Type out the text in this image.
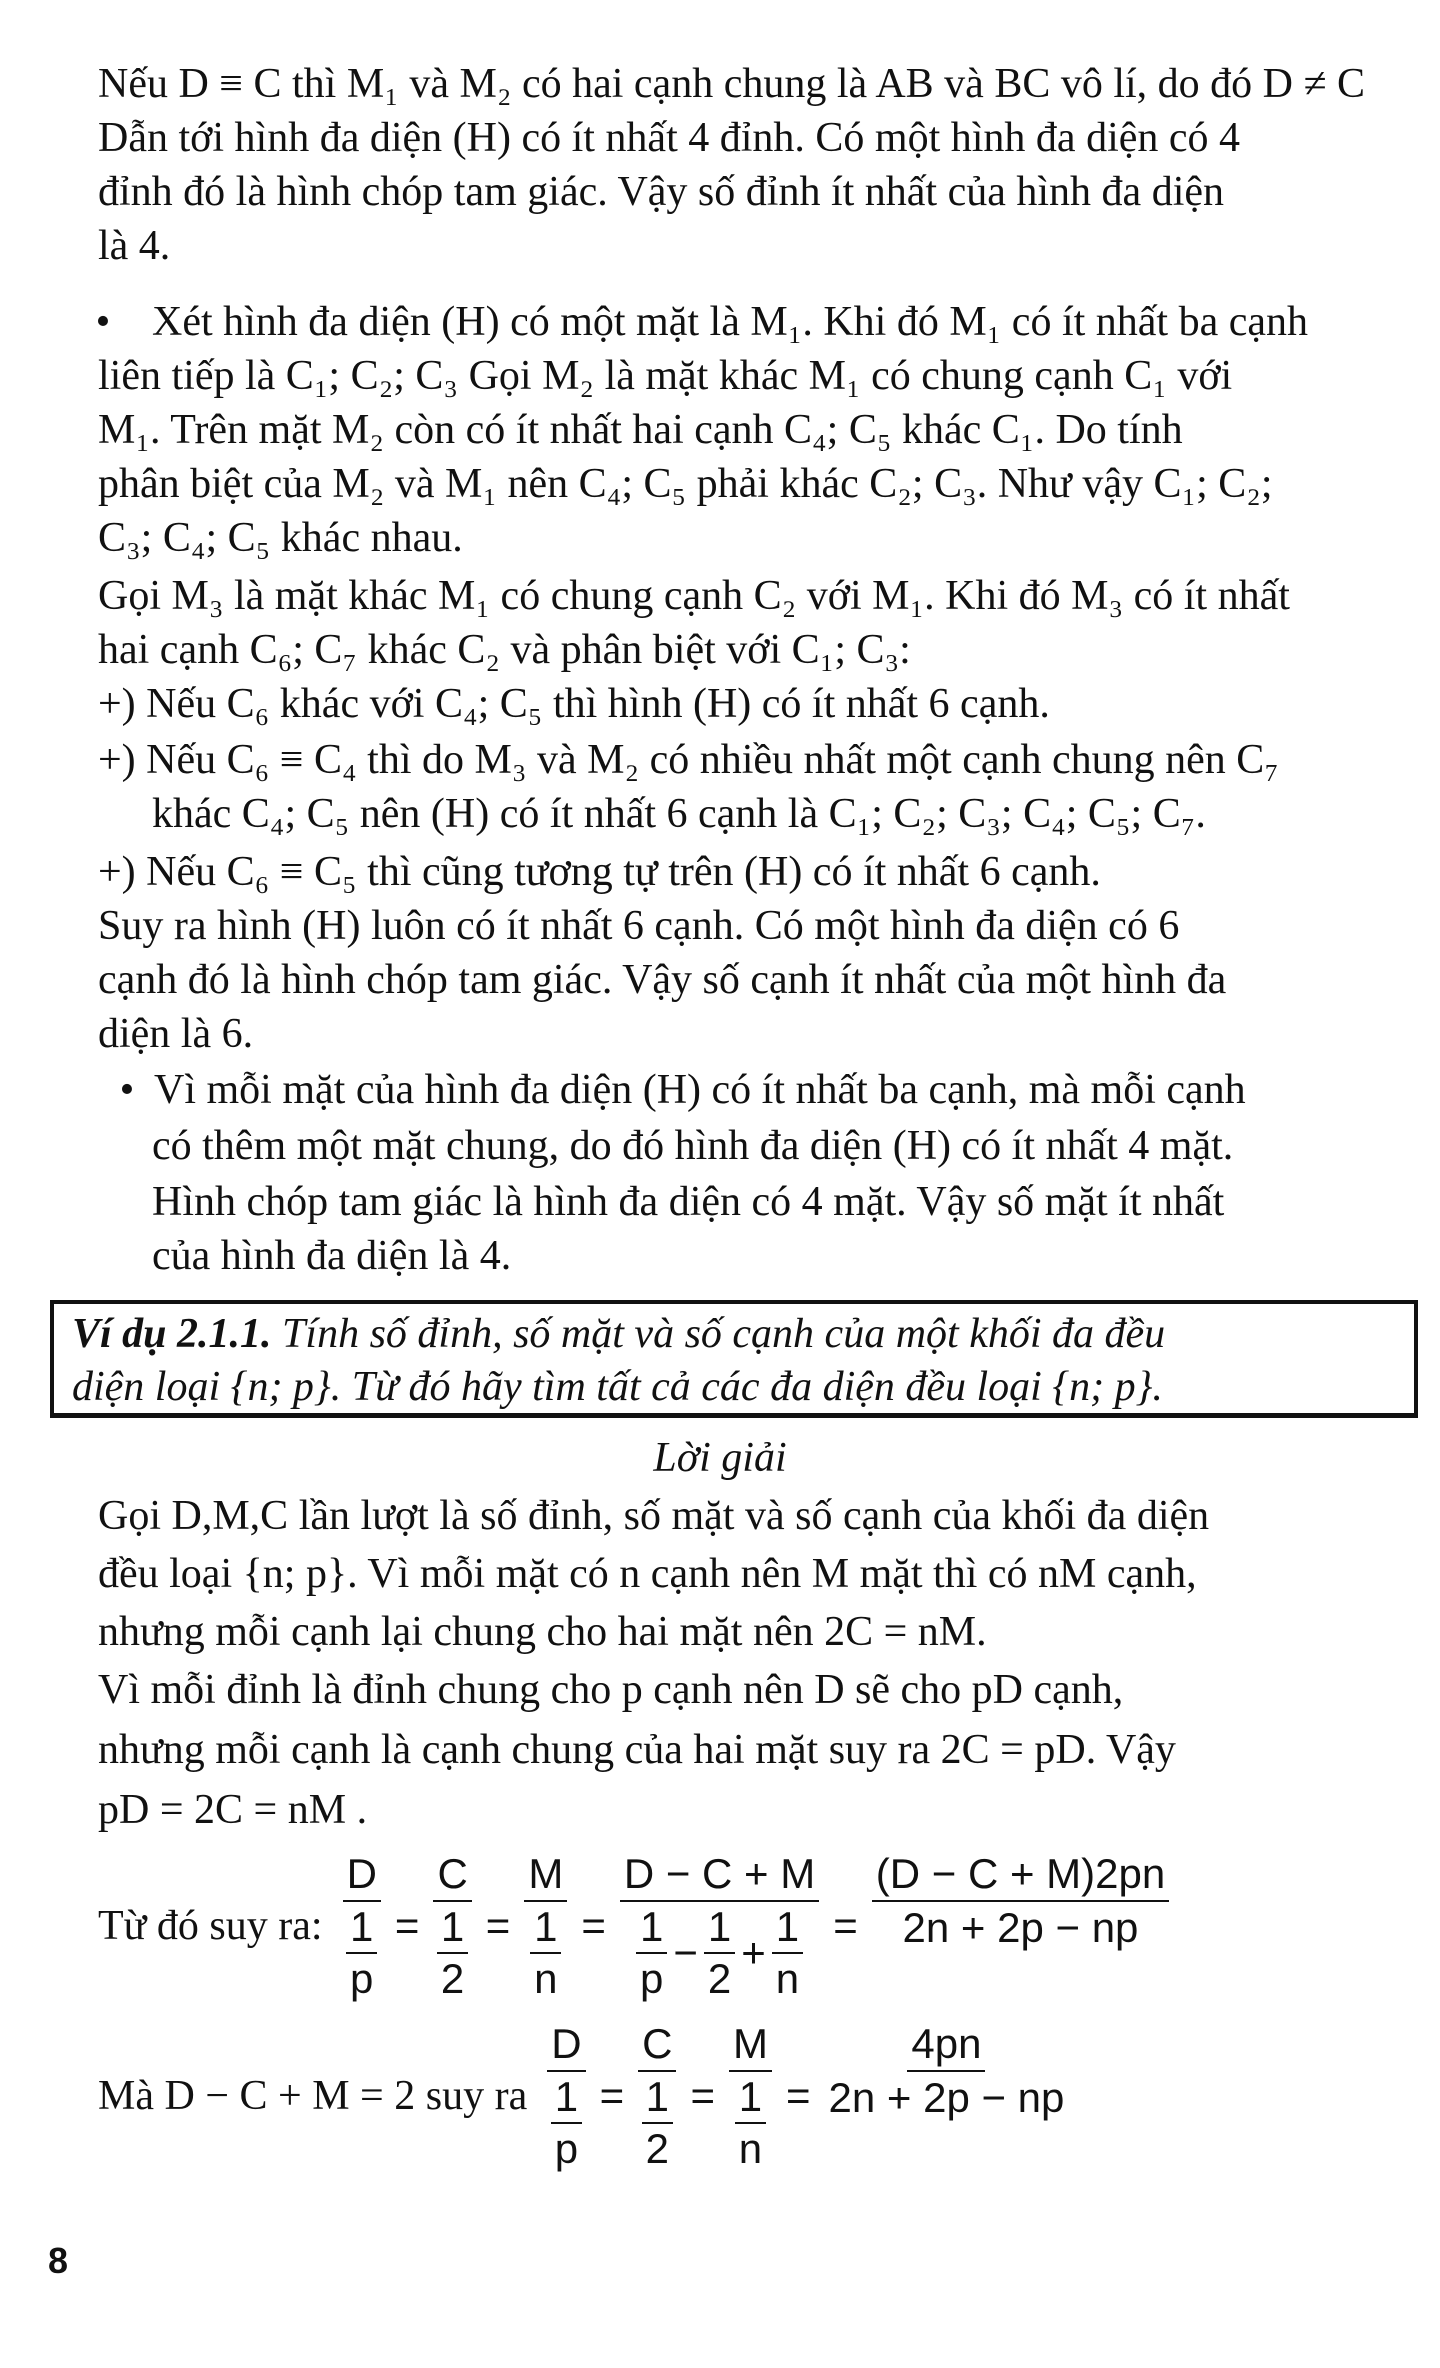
Nếu D ≡ C thì M₁ và M₂ có hai cạnh chung là AB và BC vô lí, do đó D ≠ C

Dẫn tới hình đa diện (H) có ít nhất 4 đỉnh. Có một hình đa diện có 4

đỉnh đó là hình chóp tam giác. Vậy số đỉnh ít nhất của hình đa diện

là 4.

• Xét hình đa diện (H) có một mặt là M₁. Khi đó M₁ có ít nhất ba cạnh

liên tiếp là C₁; C₂; C₃ Gọi M₂ là mặt khác M₁ có chung cạnh C₁ với

M₁. Trên mặt M₂ còn có ít nhất hai cạnh C₄; C₅ khác C₁. Do tính

phân biệt của M₂ và M₁ nên C₄; C₅ phải khác C₂; C₃. Như vậy C₁; C₂;

C₃; C₄; C₅ khác nhau.

Gọi M₃ là mặt khác M₁ có chung cạnh C₂ với M₁. Khi đó M₃ có ít nhất

hai cạnh C₆; C₇ khác C₂ và phân biệt với C₁; C₃:

+) Nếu C₆ khác với C₄; C₅ thì hình (H) có ít nhất 6 cạnh.

+) Nếu C₆ ≡ C₄ thì do M₃ và M₂ có nhiều nhất một cạnh chung nên C₇

khác C₄; C₅ nên (H) có ít nhất 6 cạnh là C₁; C₂; C₃; C₄; C₅; C₇.

+) Nếu C₆ ≡ C₅ thì cũng tương tự trên (H) có ít nhất 6 cạnh.

Suy ra hình (H) luôn có ít nhất 6 cạnh. Có một hình đa diện có 6

cạnh đó là hình chóp tam giác. Vậy số cạnh ít nhất của một hình đa

diện là 6.

• Vì mỗi mặt của hình đa diện (H) có ít nhất ba cạnh, mà mỗi cạnh

có thêm một mặt chung, do đó hình đa diện (H) có ít nhất 4 mặt.

Hình chóp tam giác là hình đa diện có 4 mặt. Vậy số mặt ít nhất

của hình đa diện là 4.

Ví dụ 2.1.1. Tính số đỉnh, số mặt và số cạnh của một khối đa đều
diện loại {n; p}. Từ đó hãy tìm tất cả các đa diện đều loại {n; p}.
Lời giải

Gọi D,M,C lần lượt là số đỉnh, số mặt và số cạnh của khối đa diện

đều loại {n; p}. Vì mỗi mặt có n cạnh nên M mặt thì có nM cạnh,

nhưng mỗi cạnh lại chung cho hai mặt nên 2C = nM.

Vì mỗi đỉnh là đỉnh chung cho p cạnh nên D sẽ cho pD cạnh,

nhưng mỗi cạnh là cạnh chung của hai mặt suy ra 2C = pD. Vậy

pD = 2C = nM .

Từ đó suy ra: D
1
p = C
1
2 = M
1
n =
D − C + M
1
p
− $\frac{1}{2} + \frac{1}{n} = \frac{(D - C + M)2pn}{2n + 2p - np}$
Mà D − C + M = 2 suy ra D
1
p = C
1
2 = M
1
$n = \frac{4pn}{2n + 2p - np}$
8
